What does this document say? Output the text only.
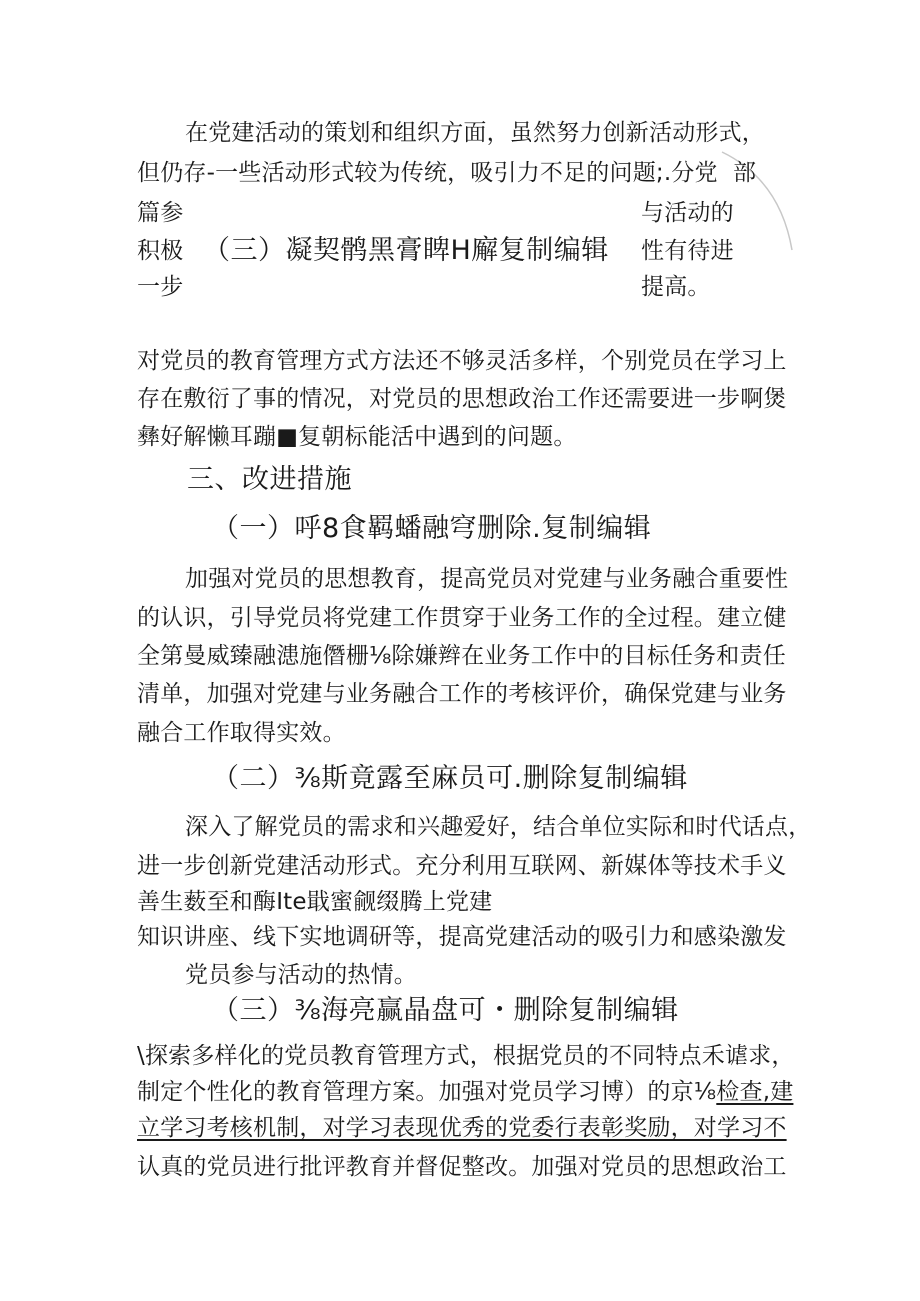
在党建活动的策划和组织方面，虽然努力创新活动形式，
但仍存-一些活动形式较为传统，吸引力不足的问题;.分党 部
篇参
积极
一步
与活动的
性有待进
提高。
（三）凝契鹘黑膏睥H廨复制编辑
对党员的教育管理方式方法还不够灵活多样，个别党员在学习上
存在敷衍了事的情况，对党员的思想政治工作还需要进一步啊煲
彝好解懒耳蹦■复朝标能活中遇到的问题。
三、改进措施
（一）呼8食羁蟠融穹删除.复制编辑
加强对党员的思想教育，提高党员对党建与业务融合重要性
的认识，引导党员将党建工作贯穿于业务工作的全过程。建立健
全第曼威臻融漶施僭栅⅛除嫌辫在业务工作中的目标任务和责任
清单，加强对党建与业务融合工作的考核评价，确保党建与业务
融合工作取得实效。
（二）⅜斯竟露至麻员可.删除复制编辑
深入了解党员的需求和兴趣爱好，结合单位实际和时代话点，
进一步创新党建活动形式。充分利用互联网、新媒体等技术手义
善生薮至和酶Ite戢蜜觎缀腾上党建
知识讲座、线下实地调研等，提高党建活动的吸引力和感染激发
党员参与活动的热情。
（三）⅜海亮赢晶盘可・删除复制编辑
\探索多样化的党员教育管理方式，根据党员的不同特点禾谑求，
制定个性化的教育管理方案。加强对党员学习博）的京⅛检查,建
立学习考核机制，对学习表现优秀的党委行表彰奖励，对学习不
认真的党员进行批评教育并督促整改。加强对党员的思想政治工
